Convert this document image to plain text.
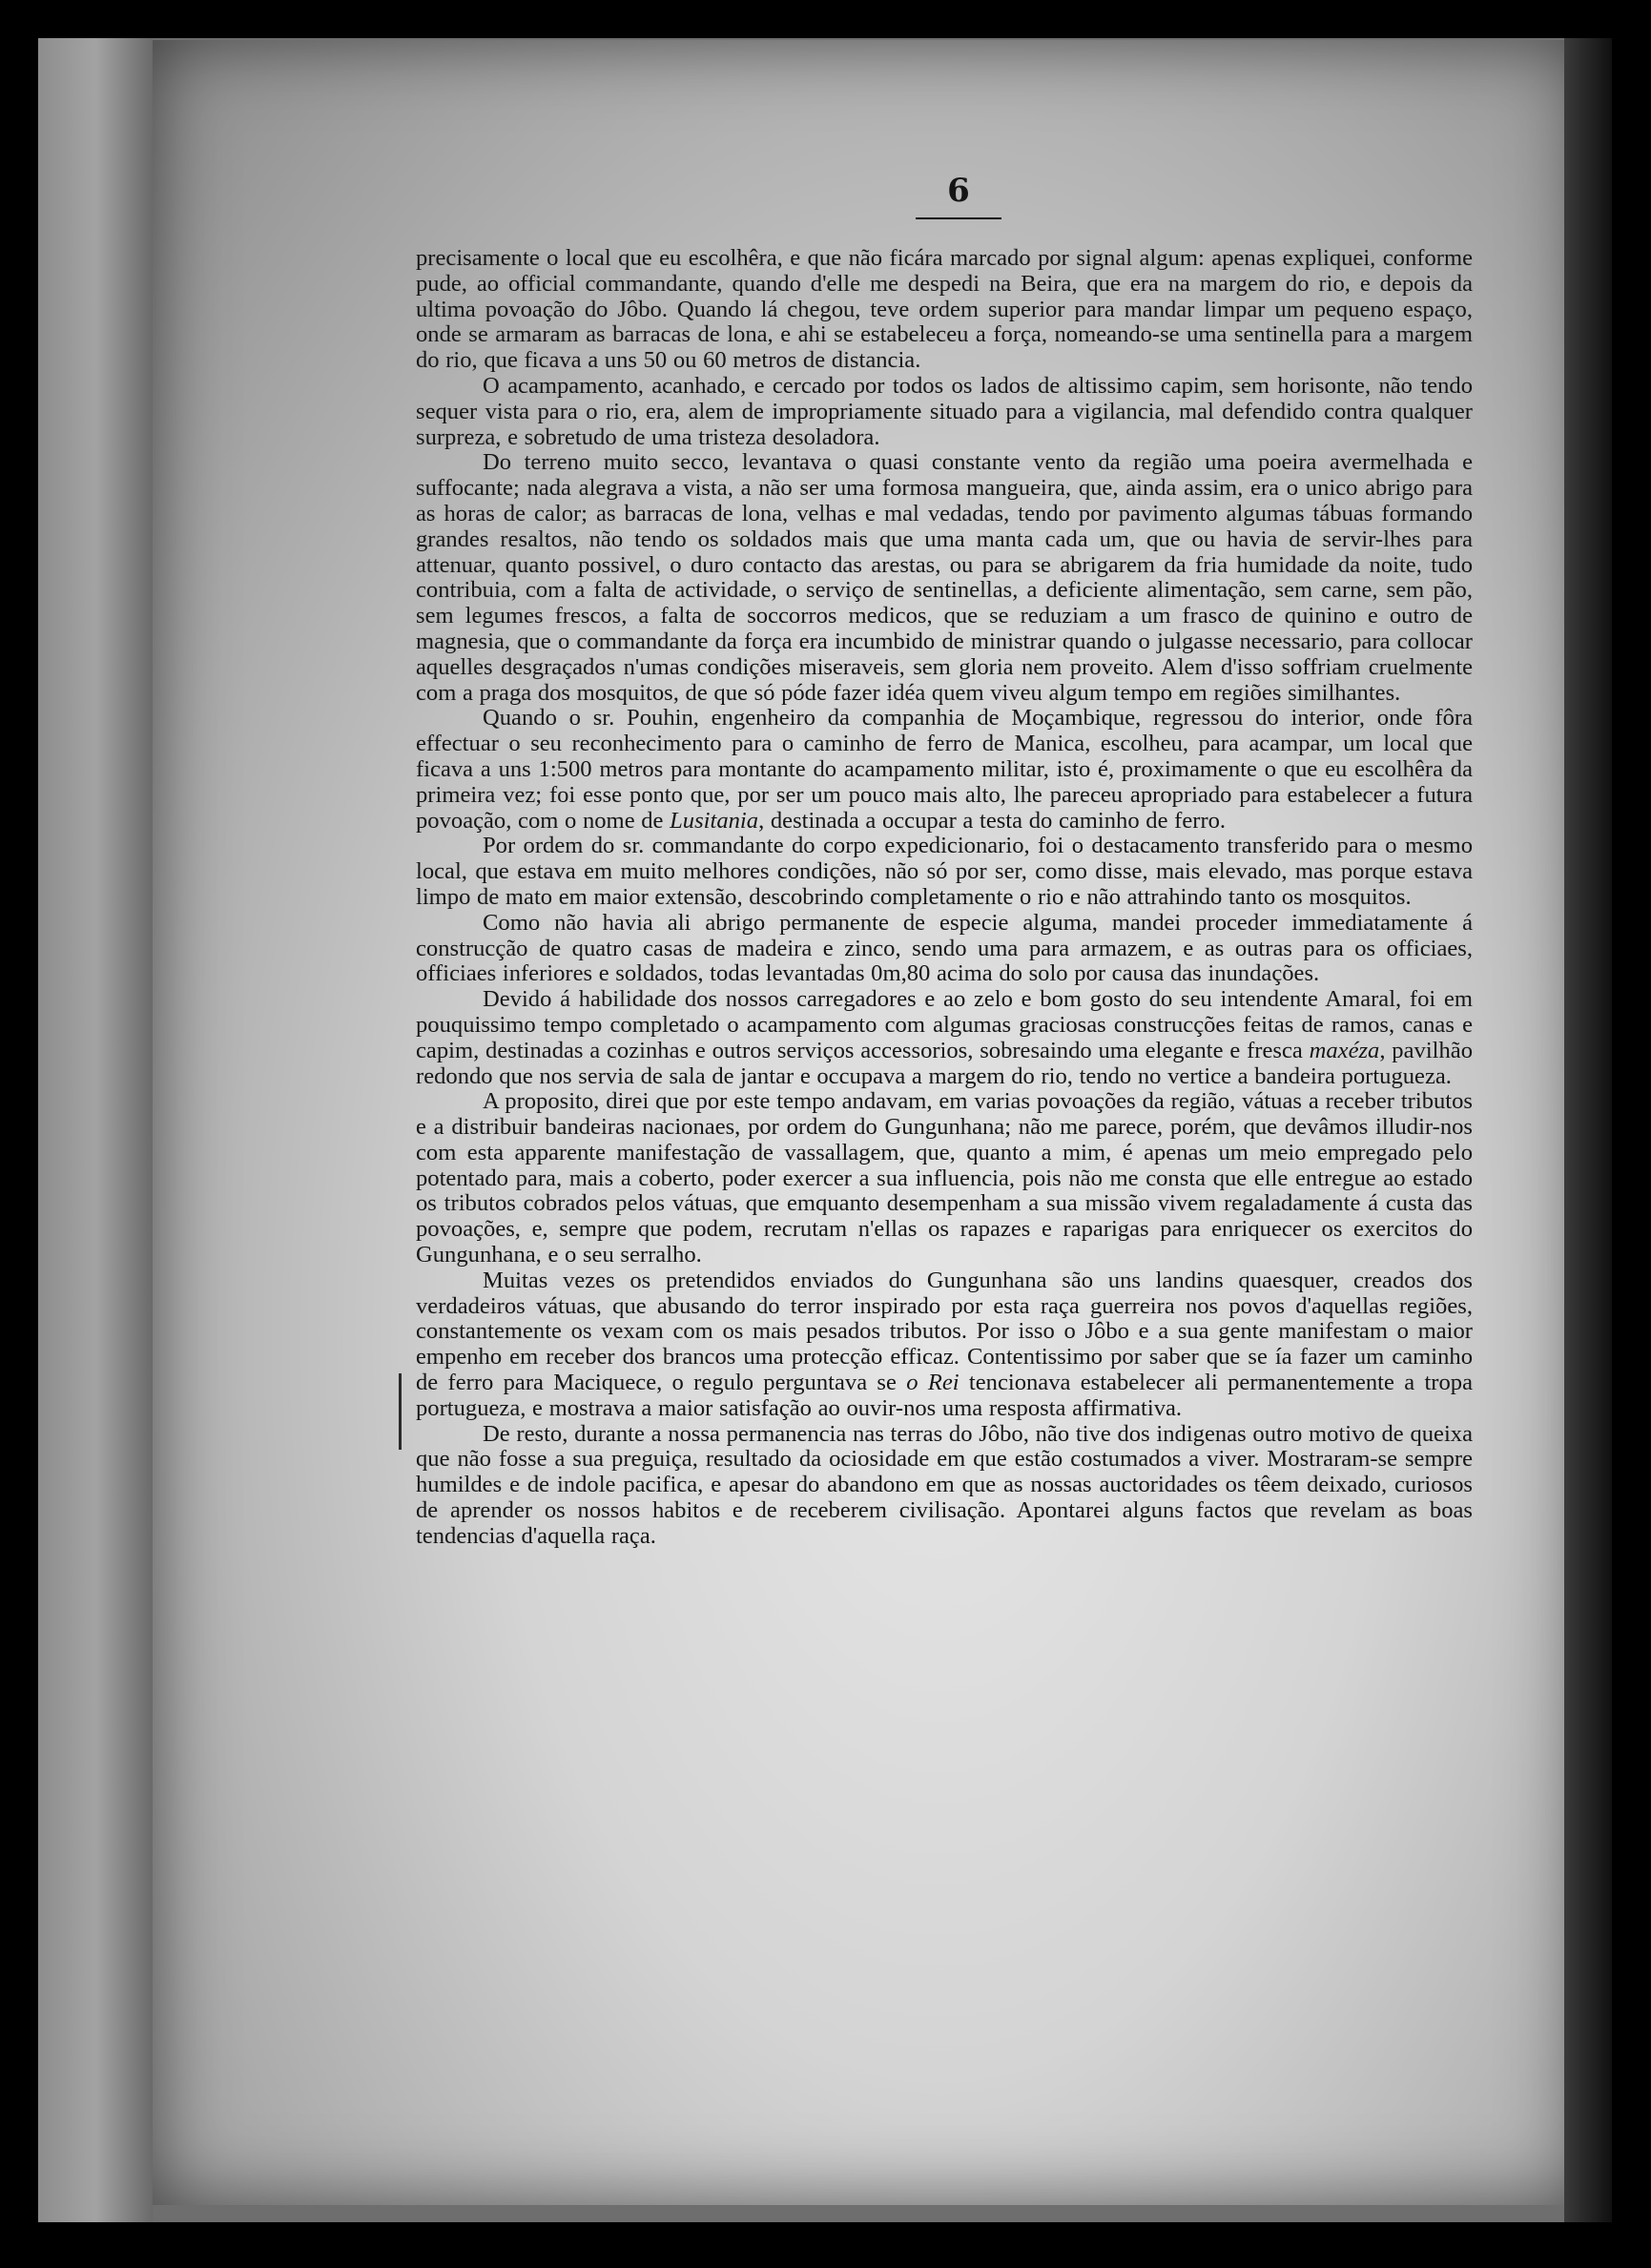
6

precisamente o local que eu escolhêra, e que não ficára marcado por signal algum: apenas expliquei, conforme pude, ao official commandante, quando d'elle me despedi na Beira, que era na margem do rio, e depois da ultima povoação do Jôbo. Quando lá chegou, teve ordem superior para mandar limpar um pequeno espaço, onde se armaram as barracas de lona, e ahi se estabeleceu a força, nomeando-se uma sentinella para a margem do rio, que ficava a uns 50 ou 60 metros de distancia.

O acampamento, acanhado, e cercado por todos os lados de altissimo capim, sem horisonte, não tendo sequer vista para o rio, era, alem de impropriamente situado para a vigilancia, mal defendido contra qualquer surpreza, e sobretudo de uma tristeza desoladora.

Do terreno muito secco, levantava o quasi constante vento da região uma poeira avermelhada e suffocante; nada alegrava a vista, a não ser uma formosa mangueira, que, ainda assim, era o unico abrigo para as horas de calor; as barracas de lona, velhas e mal vedadas, tendo por pavimento algumas tábuas formando grandes resaltos, não tendo os soldados mais que uma manta cada um, que ou havia de servir-lhes para attenuar, quanto possivel, o duro contacto das arestas, ou para se abrigarem da fria humidade da noite, tudo contribuia, com a falta de actividade, o serviço de sentinellas, a deficiente alimentação, sem carne, sem pão, sem legumes frescos, a falta de soccorros medicos, que se reduziam a um frasco de quinino e outro de magnesia, que o commandante da força era incumbido de ministrar quando o julgasse necessario, para collocar aquelles desgraçados n'umas condições miseraveis, sem gloria nem proveito. Alem d'isso soffriam cruelmente com a praga dos mosquitos, de que só póde fazer idéa quem viveu algum tempo em regiões similhantes.

Quando o sr. Pouhin, engenheiro da companhia de Moçambique, regressou do interior, onde fôra effectuar o seu reconhecimento para o caminho de ferro de Manica, escolheu, para acampar, um local que ficava a uns 1:500 metros para montante do acampamento militar, isto é, proximamente o que eu escolhêra da primeira vez; foi esse ponto que, por ser um pouco mais alto, lhe pareceu apropriado para estabelecer a futura povoação, com o nome de Lusitania, destinada a occupar a testa do caminho de ferro.

Por ordem do sr. commandante do corpo expedicionario, foi o destacamento transferido para o mesmo local, que estava em muito melhores condições, não só por ser, como disse, mais elevado, mas porque estava limpo de mato em maior extensão, descobrindo completamente o rio e não attrahindo tanto os mosquitos.

Como não havia ali abrigo permanente de especie alguma, mandei proceder immediatamente á construcção de quatro casas de madeira e zinco, sendo uma para armazem, e as outras para os officiaes, officiaes inferiores e soldados, todas levantadas 0m,80 acima do solo por causa das inundações.

Devido á habilidade dos nossos carregadores e ao zelo e bom gosto do seu intendente Amaral, foi em pouquissimo tempo completado o acampamento com algumas graciosas construcções feitas de ramos, canas e capim, destinadas a cozinhas e outros serviços accessorios, sobresaindo uma elegante e fresca maxéza, pavilhão redondo que nos servia de sala de jantar e occupava a margem do rio, tendo no vertice a bandeira portugueza.

A proposito, direi que por este tempo andavam, em varias povoações da região, vátuas a receber tributos e a distribuir bandeiras nacionaes, por ordem do Gungunhana; não me parece, porém, que devâmos illudir-nos com esta apparente manifestação de vassallagem, que, quanto a mim, é apenas um meio empregado pelo potentado para, mais a coberto, poder exercer a sua influencia, pois não me consta que elle entregue ao estado os tributos cobrados pelos vátuas, que emquanto desempenham a sua missão vivem regaladamente á custa das povoações, e, sempre que podem, recrutam n'ellas os rapazes e raparigas para enriquecer os exercitos do Gungunhana, e o seu serralho.

Muitas vezes os pretendidos enviados do Gungunhana são uns landins quaesquer, creados dos verdadeiros vátuas, que abusando do terror inspirado por esta raça guerreira nos povos d'aquellas regiões, constantemente os vexam com os mais pesados tributos. Por isso o Jôbo e a sua gente manifestam o maior empenho em receber dos brancos uma protecção efficaz. Contentissimo por saber que se ía fazer um caminho de ferro para Maciquece, o regulo perguntava se o Rei tencionava estabelecer ali permanentemente a tropa portugueza, e mostrava a maior satisfação ao ouvir-nos uma resposta affirmativa.

De resto, durante a nossa permanencia nas terras do Jôbo, não tive dos indigenas outro motivo de queixa que não fosse a sua preguiça, resultado da ociosidade em que estão costumados a viver. Mostraram-se sempre humildes e de indole pacifica, e apesar do abandono em que as nossas auctoridades os têem deixado, curiosos de aprender os nossos habitos e de receberem civilisação. Apontarei alguns factos que revelam as boas tendencias d'aquella raça.
